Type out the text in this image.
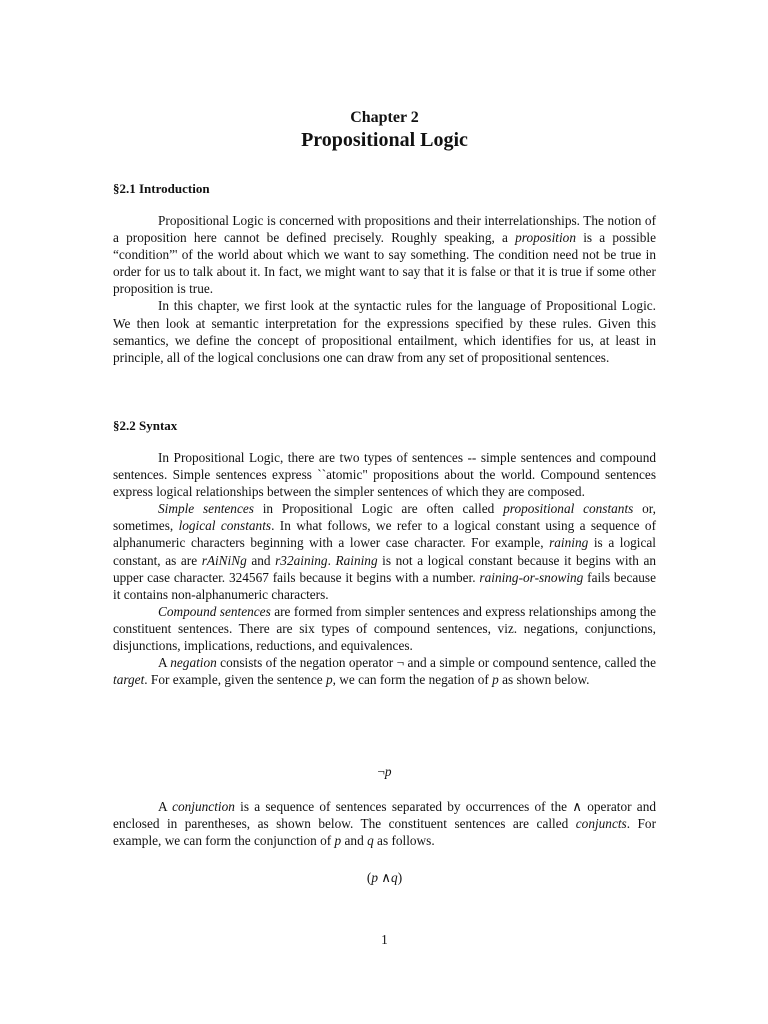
Chapter 2
Propositional Logic
§2.1 Introduction

Propositional Logic is concerned with propositions and their interrelationships. The notion of a proposition here cannot be defined precisely. Roughly speaking, a proposition is a possible “condition”' of the world about which we want to say something. The condition need not be true in order for us to talk about it. In fact, we might want to say that it is false or that it is true if some other proposition is true.

In this chapter, we first look at the syntactic rules for the language of Propositional Logic. We then look at semantic interpretation for the expressions specified by these rules. Given this semantics, we define the concept of propositional entailment, which identifies for us, at least in principle, all of the logical conclusions one can draw from any set of propositional sentences.

§2.2 Syntax

In Propositional Logic, there are two types of sentences -- simple sentences and compound sentences. Simple sentences express ``atomic" propositions about the world. Compound sentences express logical relationships between the simpler sentences of which they are composed.

Simple sentences in Propositional Logic are often called propositional constants or, sometimes, logical constants. In what follows, we refer to a logical constant using a sequence of alphanumeric characters beginning with a lower case character. For example, raining is a logical constant, as are rAiNiNg and r32aining. Raining is not a logical constant because it begins with an upper case character. 324567 fails because it begins with a number. raining-or-snowing fails because it contains non-alphanumeric characters.

Compound sentences are formed from simpler sentences and express relationships among the constituent sentences. There are six types of compound sentences, viz. negations, conjunctions, disjunctions, implications, reductions, and equivalences.

A negation consists of the negation operator ¬ and a simple or compound sentence, called the target. For example, given the sentence p, we can form the negation of p as shown below.

¬p

A conjunction is a sequence of sentences separated by occurrences of the ∧ operator and enclosed in parentheses, as shown below. The constituent sentences are called conjuncts. For example, we can form the conjunction of p and q as follows.

(p ∧q)
1
